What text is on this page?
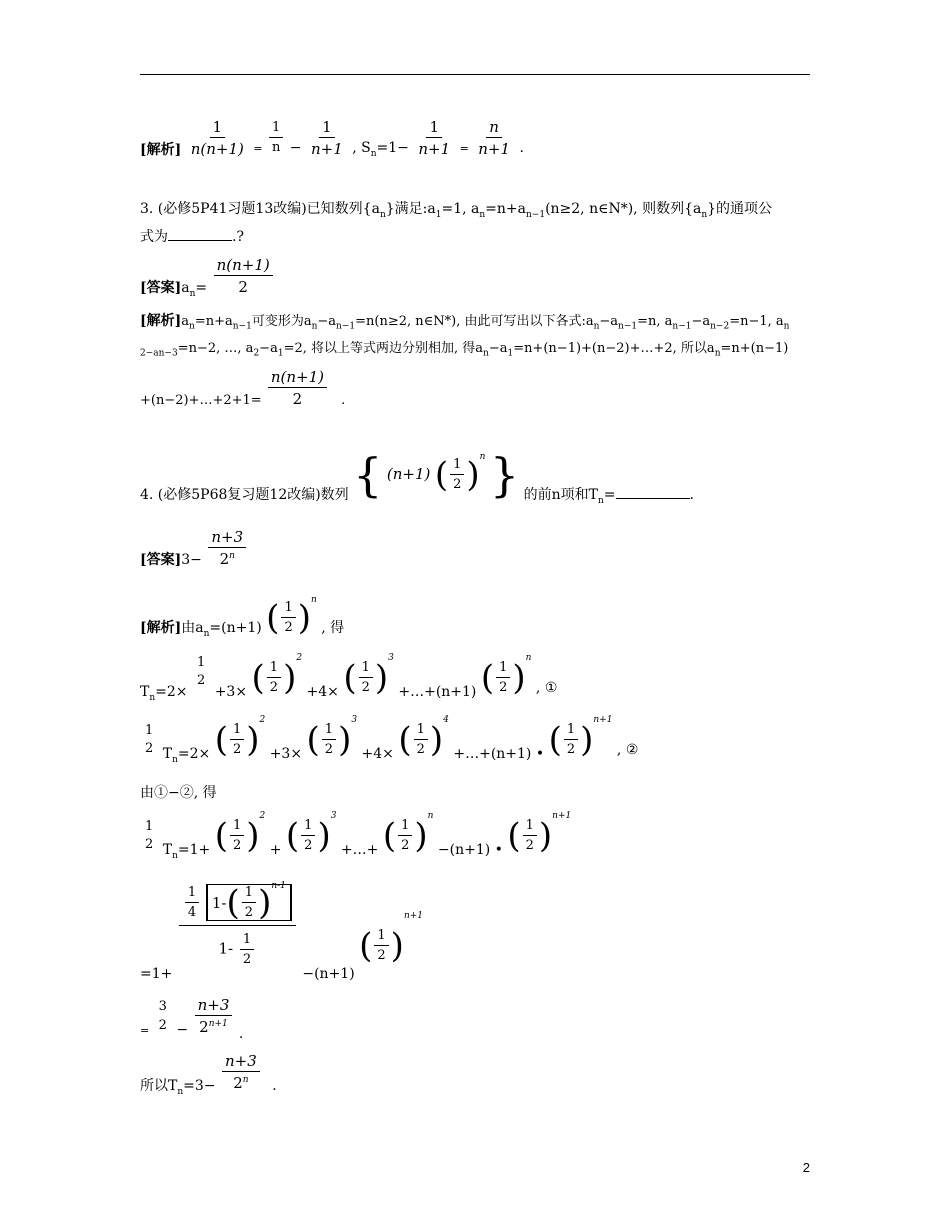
[解析] $\frac{1}{n(n+1)} _= \frac{1}{n} - \frac{1}{n+1}$ , $S_n=1- \frac{1}{n+1} _= \frac{n}{n+1}$ .
3. (必修5P41习题13改编)已知数列$\{a_n\}$满足$:a_1=1$, $a_n=n+a_{n-1}(n\ge 2$, n∈N*), 则数列$\{a_n\}$的通项公
式为	.?
[答案]$a_n= \frac{n(n+1)}{2}$
[解析]$a_n=n+a_{n-1}$可变形为$a_n-a_{n-1}=n(n\ge 2$, n∈N*), 由此可写出以下各式$:a_n-a_{n-1}=n$, $a_{n-1}-a_{n-2}=n-1$, $a_n$
$_{2-an-3}$=n−2, …, $a_2-a_1=2$, 将以上等式两边分别相加, 得$a_n-a_1=n+(n-1)+(n-2)+\dots+2$, 所以$a_n=n+(n-1)$
+(n−2)+…+2+1= $\frac{n(n+1)}{2}$ .
4. (必修5P68复习题12改编)数列 { (n+1) ( $\frac{1}{2}$ ) $^n$ } 的前n项和$T_n=$	.
[答案]$3- \frac{n+3}{2^n}$
[解析]由$a_n=(n+1)$ ( $\frac{1}{2}$ ) $^n$ , 得
$T_n=2\times$
1
2
+3× ( $\frac{1}{2}$ ) $^2$ +4× ( $\frac{1}{2}$ ) $^3$ +…+(n+1) ( $\frac{1}{2}$ ) $^n$ , ①
1
2 $T_n=2\times$ ( $\frac{1}{2}$ ) $^2$ +3× ( $\frac{1}{2}$ ) $^3$ +4× ( $\frac{1}{2}$ ) $^4$ +…+(n+1) • ( $\frac{1}{2}$ ) $^{n+1}$ , ②
由①−②, 得
1
2 $T_n=1+$ ( $\frac{1}{2}$ ) $^2$ + ( $\frac{1}{2}$ ) $^3$ +…+ ( $\frac{1}{2}$ ) $^n$ −(n+1) • ( $\frac{1}{2}$ ) $^{n+1}$
=1+
$\frac{1}{4}$
1- ( $\frac{1}{2} )^{n-1}$
$1- \frac{1}{2}$
−(n+1)
( $\frac{1}{2}$ )
$^{n+1}$
$_=$
3
$2 - \frac{n+3}{2^{n+1}}$ .
所以$T_n=3- \frac{n+3}{2^n}$ .
2
